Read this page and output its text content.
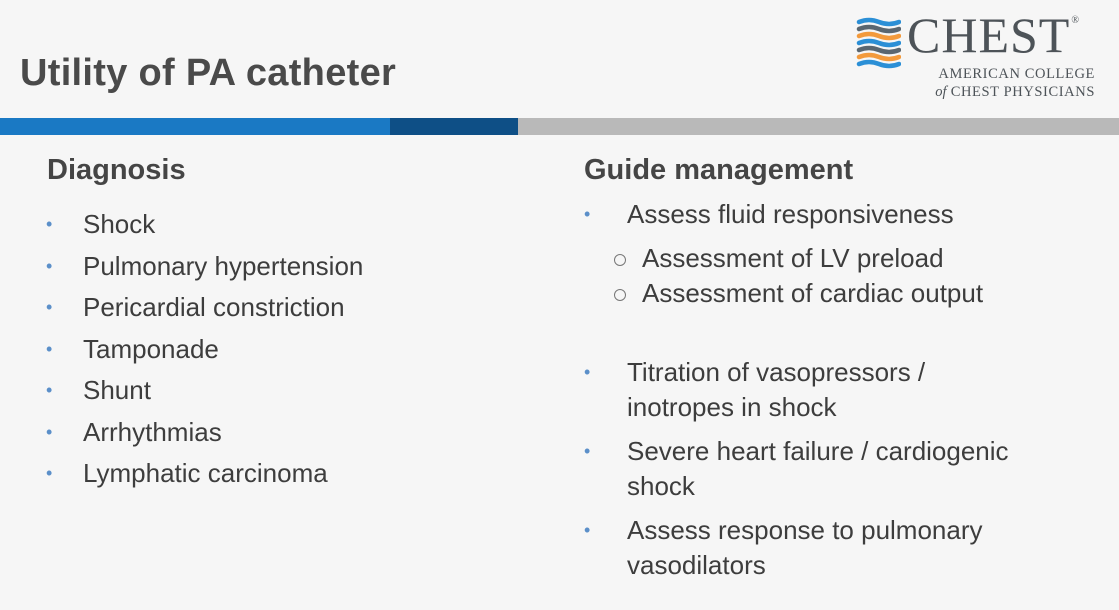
Utility of PA catheter
CHEST®
AMERICAN COLLEGE
of CHEST PHYSICIANS
Diagnosis
• Shock
• Pulmonary hypertension
• Pericardial constriction
• Tamponade
• Shunt
• Arrhythmias
• Lymphatic carcinoma
Guide management
• Assess fluid responsiveness
Assessment of LV preload
Assessment of cardiac output
• Titration of vasopressors /
inotropes in shock
• Severe heart failure / cardiogenic
shock
• Assess response to pulmonary
vasodilators
